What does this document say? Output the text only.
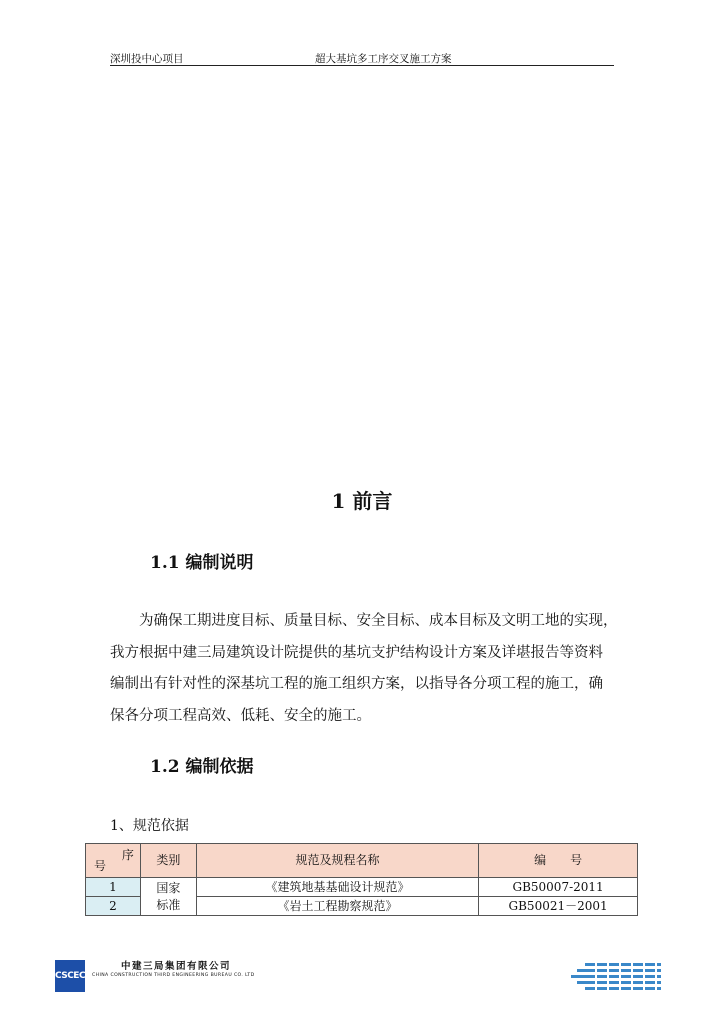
深圳投中心项目	超大基坑多工序交叉施工方案
1 前言
1.1 编制说明
为确保工期进度目标、质量目标、安全目标、成本目标及文明工地的实现，
我方根据中建三局建筑设计院提供的基坑支护结构设计方案及详堪报告等资料
编制出有针对性的深基坑工程的施工组织方案，以指导各分项工程的施工，确
保各分项工程高效、低耗、安全的施工。
1.2 编制依据
1、规范依据
序
号	类别	规范及规程名称	编　　号
1	国家
标准	《建筑地基基础设计规范》	GB50007-2011
2		《岩土工程勘察规范》	GB50021－2001
CSCEC
中建三局集团有限公司
CHINA CONSTRUCTION THIRD ENGINEERING BUREAU CO. LTD
